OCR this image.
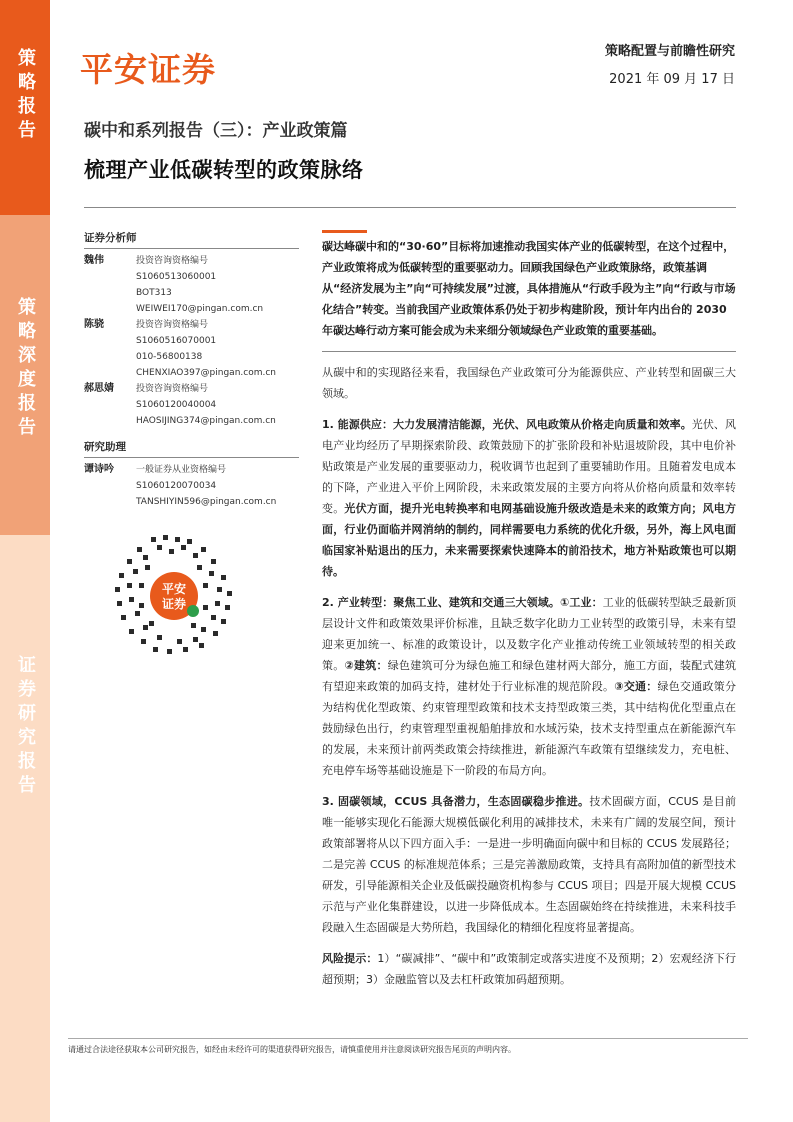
策略报告
策略深度报告
证券研究报告
平安证券	策略配置与前瞻性研究
2021 年 09 月 17 日
碳中和系列报告（三）：产业政策篇
梳理产业低碳转型的政策脉络
证券分析师
魏伟	投资咨询资格编号
S1060513060001
BOT313
WEIWEI170@pingan.com.cn
陈骁	投资咨询资格编号
S1060516070001
010-56800138
CHENXIAO397@pingan.com.cn
郝思婧	投资咨询资格编号
S1060120040004
HAOSIJING374@pingan.com.cn
研究助理
谭诗吟	一般证券从业资格编号
S1060120070034
TANSHIYIN596@pingan.com.cn
平安
证券
碳达峰碳中和的“30·60”目标将加速推动我国实体产业的低碳转型，在这个过程中，产业政策将成为低碳转型的重要驱动力。回顾我国绿色产业政策脉络，政策基调从“经济发展为主”向“可持续发展”过渡，具体措施从“行政手段为主”向“行政与市场化结合”转变。当前我国产业政策体系仍处于初步构建阶段，预计年内出台的 2030 年碳达峰行动方案可能会成为未来细分领域绿色产业政策的重要基础。

从碳中和的实现路径来看，我国绿色产业政策可分为能源供应、产业转型和固碳三大领域。

1. 能源供应：大力发展清洁能源，光伏、风电政策从价格走向质量和效率。光伏、风电产业均经历了早期探索阶段、政策鼓励下的扩张阶段和补贴退坡阶段，其中电价补贴政策是产业发展的重要驱动力，税收调节也起到了重要辅助作用。且随着发电成本的下降，产业进入平价上网阶段，未来政策发展的主要方向将从价格向质量和效率转变。光伏方面，提升光电转换率和电网基础设施升级改造是未来的政策方向；风电方面，行业仍面临并网消纳的制约，同样需要电力系统的优化升级，另外，海上风电面临国家补贴退出的压力，未来需要探索快速降本的前沿技术，地方补贴政策也可以期待。

2. 产业转型：聚焦工业、建筑和交通三大领域。①工业：工业的低碳转型缺乏最新顶层设计文件和政策效果评价标准，且缺乏数字化助力工业转型的政策引导，未来有望迎来更加统一、标准的政策设计，以及数字化产业推动传统工业领域转型的相关政策。②建筑：绿色建筑可分为绿色施工和绿色建材两大部分，施工方面，装配式建筑有望迎来政策的加码支持，建材处于行业标准的规范阶段。③交通：绿色交通政策分为结构优化型政策、约束管理型政策和技术支持型政策三类，其中结构优化型重点在鼓励绿色出行，约束管理型重视船舶排放和水域污染，技术支持型重点在新能源汽车的发展，未来预计前两类政策会持续推进，新能源汽车政策有望继续发力，充电桩、充电停车场等基础设施是下一阶段的布局方向。

3. 固碳领域，CCUS 具备潜力，生态固碳稳步推进。技术固碳方面，CCUS 是目前唯一能够实现化石能源大规模低碳化利用的减排技术，未来有广阔的发展空间，预计政策部署将从以下四方面入手：一是进一步明确面向碳中和目标的 CCUS 发展路径；二是完善 CCUS 的标准规范体系；三是完善激励政策，支持具有高附加值的新型技术研发，引导能源相关企业及低碳投融资机构参与 CCUS 项目；四是开展大规模 CCUS 示范与产业化集群建设，以进一步降低成本。生态固碳始终在持续推进，未来科技手段融入生态固碳是大势所趋，我国绿化的精细化程度将显著提高。

风险提示：1）“碳减排”、“碳中和”政策制定或落实进度不及预期；2）宏观经济下行超预期；3）金融监管以及去杠杆政策加码超预期。

请通过合法途径获取本公司研究报告，如经由未经许可的渠道获得研究报告，请慎重使用并注意阅读研究报告尾页的声明内容。
